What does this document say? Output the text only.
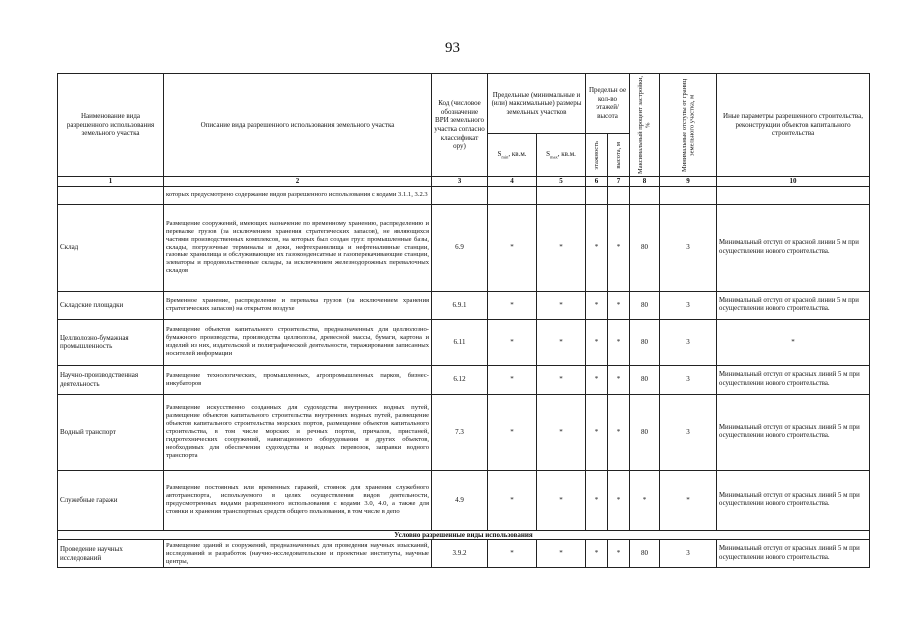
93
Наименование вида разрешенного использования земельного участка	Описание вида разрешенного использования земельного участка	Код (числовое обозначение ВРИ земельного участка согласно классификат ору)	Предельные (минимальные и (или) максимальные) размеры земельных участков		Предельн ое кол-во этажей/ высота		Максимальный процент застройки, %	Минимальные отступы от границ земельного участка, м	Иные параметры разрешенного строительства, реконструкции объектов капитального строительства
			$S_{min}$, кв.м.	$S_{max}$, кв.м.	этажность	высота, м			

1	2	3	4	5	6	7	8	9	10
	которых предусмотрено содержание видов разрешенного использования с кодами 3.1.1, 3.2.3								
Склад	Размещение сооружений, имеющих назначение по временному хранению, распределению и перевалке грузов (за исключением хранения стратегических запасов), не являющихся частями производственных комплексов, на которых был создан груз: промышленные базы, склады, погрузочные терминалы и доки, нефтехранилища и нефтеналивные станции, газовые хранилища и обслуживающие их газоконденсатные и газоперекачивающие станции, элеваторы и продовольственные склады, за исключением железнодорожных перевалочных складов	6.9	*	*	*	*	80	3	Минимальный отступ от красной линии 5 м при осуществлении нового строительства.
Складские площадки	Временное хранение, распределение и перевалка грузов (за исключением хранения стратегических запасов) на открытом воздухе	6.9.1	*	*	*	*	80	3	Минимальный отступ от красной линии 5 м при осуществлении нового строительства.
Целлюлозно-бумажная промышленность	Размещение объектов капитального строительства, предназначенных для целлюлозно-бумажного производства, производства целлюлозы, древесной массы, бумаги, картона и изделий из них, издательской и полиграфической деятельности, тиражирования записанных носителей информации	6.11	*	*	*	*	80	3	*
Научно-производственная деятельность	Размещение технологических, промышленных, агропромышленных парков, бизнес-инкубаторов	6.12	*	*	*	*	80	3	Минимальный отступ от красных линий 5 м при осуществлении нового строительства.
Водный транспорт	Размещение искусственно созданных для судоходства внутренних водных путей, размещение объектов капитального строительства внутренних водных путей, размещение объектов капитального строительства морских портов, размещение объектов капитального строительства, в том числе морских и речных портов, причалов, пристаней, гидротехнических сооружений, навигационного оборудования и других объектов, необходимых для обеспечения судоходства и водных перевозок, заправки водного транспорта	7.3	*	*	*	*	80	3	Минимальный отступ от красных линий 5 м при осуществлении нового строительства.
Служебные гаражи	Размещение постоянных или временных гаражей, стоянок для хранения служебного автотранспорта, используемого в целях осуществления видов деятельности, предусмотренных видами разрешенного использования с кодами 3.0, 4.0, а также для стоянки и хранения транспортных средств общего пользования, в том числе в депо	4.9	*	*	*	*	*	*	Минимальный отступ от красных линий 5 м при осуществлении нового строительства.
Условно разрешенные виды использования									
Проведение научных исследований	Размещение зданий и сооружений, предназначенных для проведения научных изысканий, исследований и разработок (научно-исследовательские и проектные институты, научные центры,	3.9.2	*	*	*	*	80	3	Минимальный отступ от красных линий 5 м при осуществлении нового строительства.
